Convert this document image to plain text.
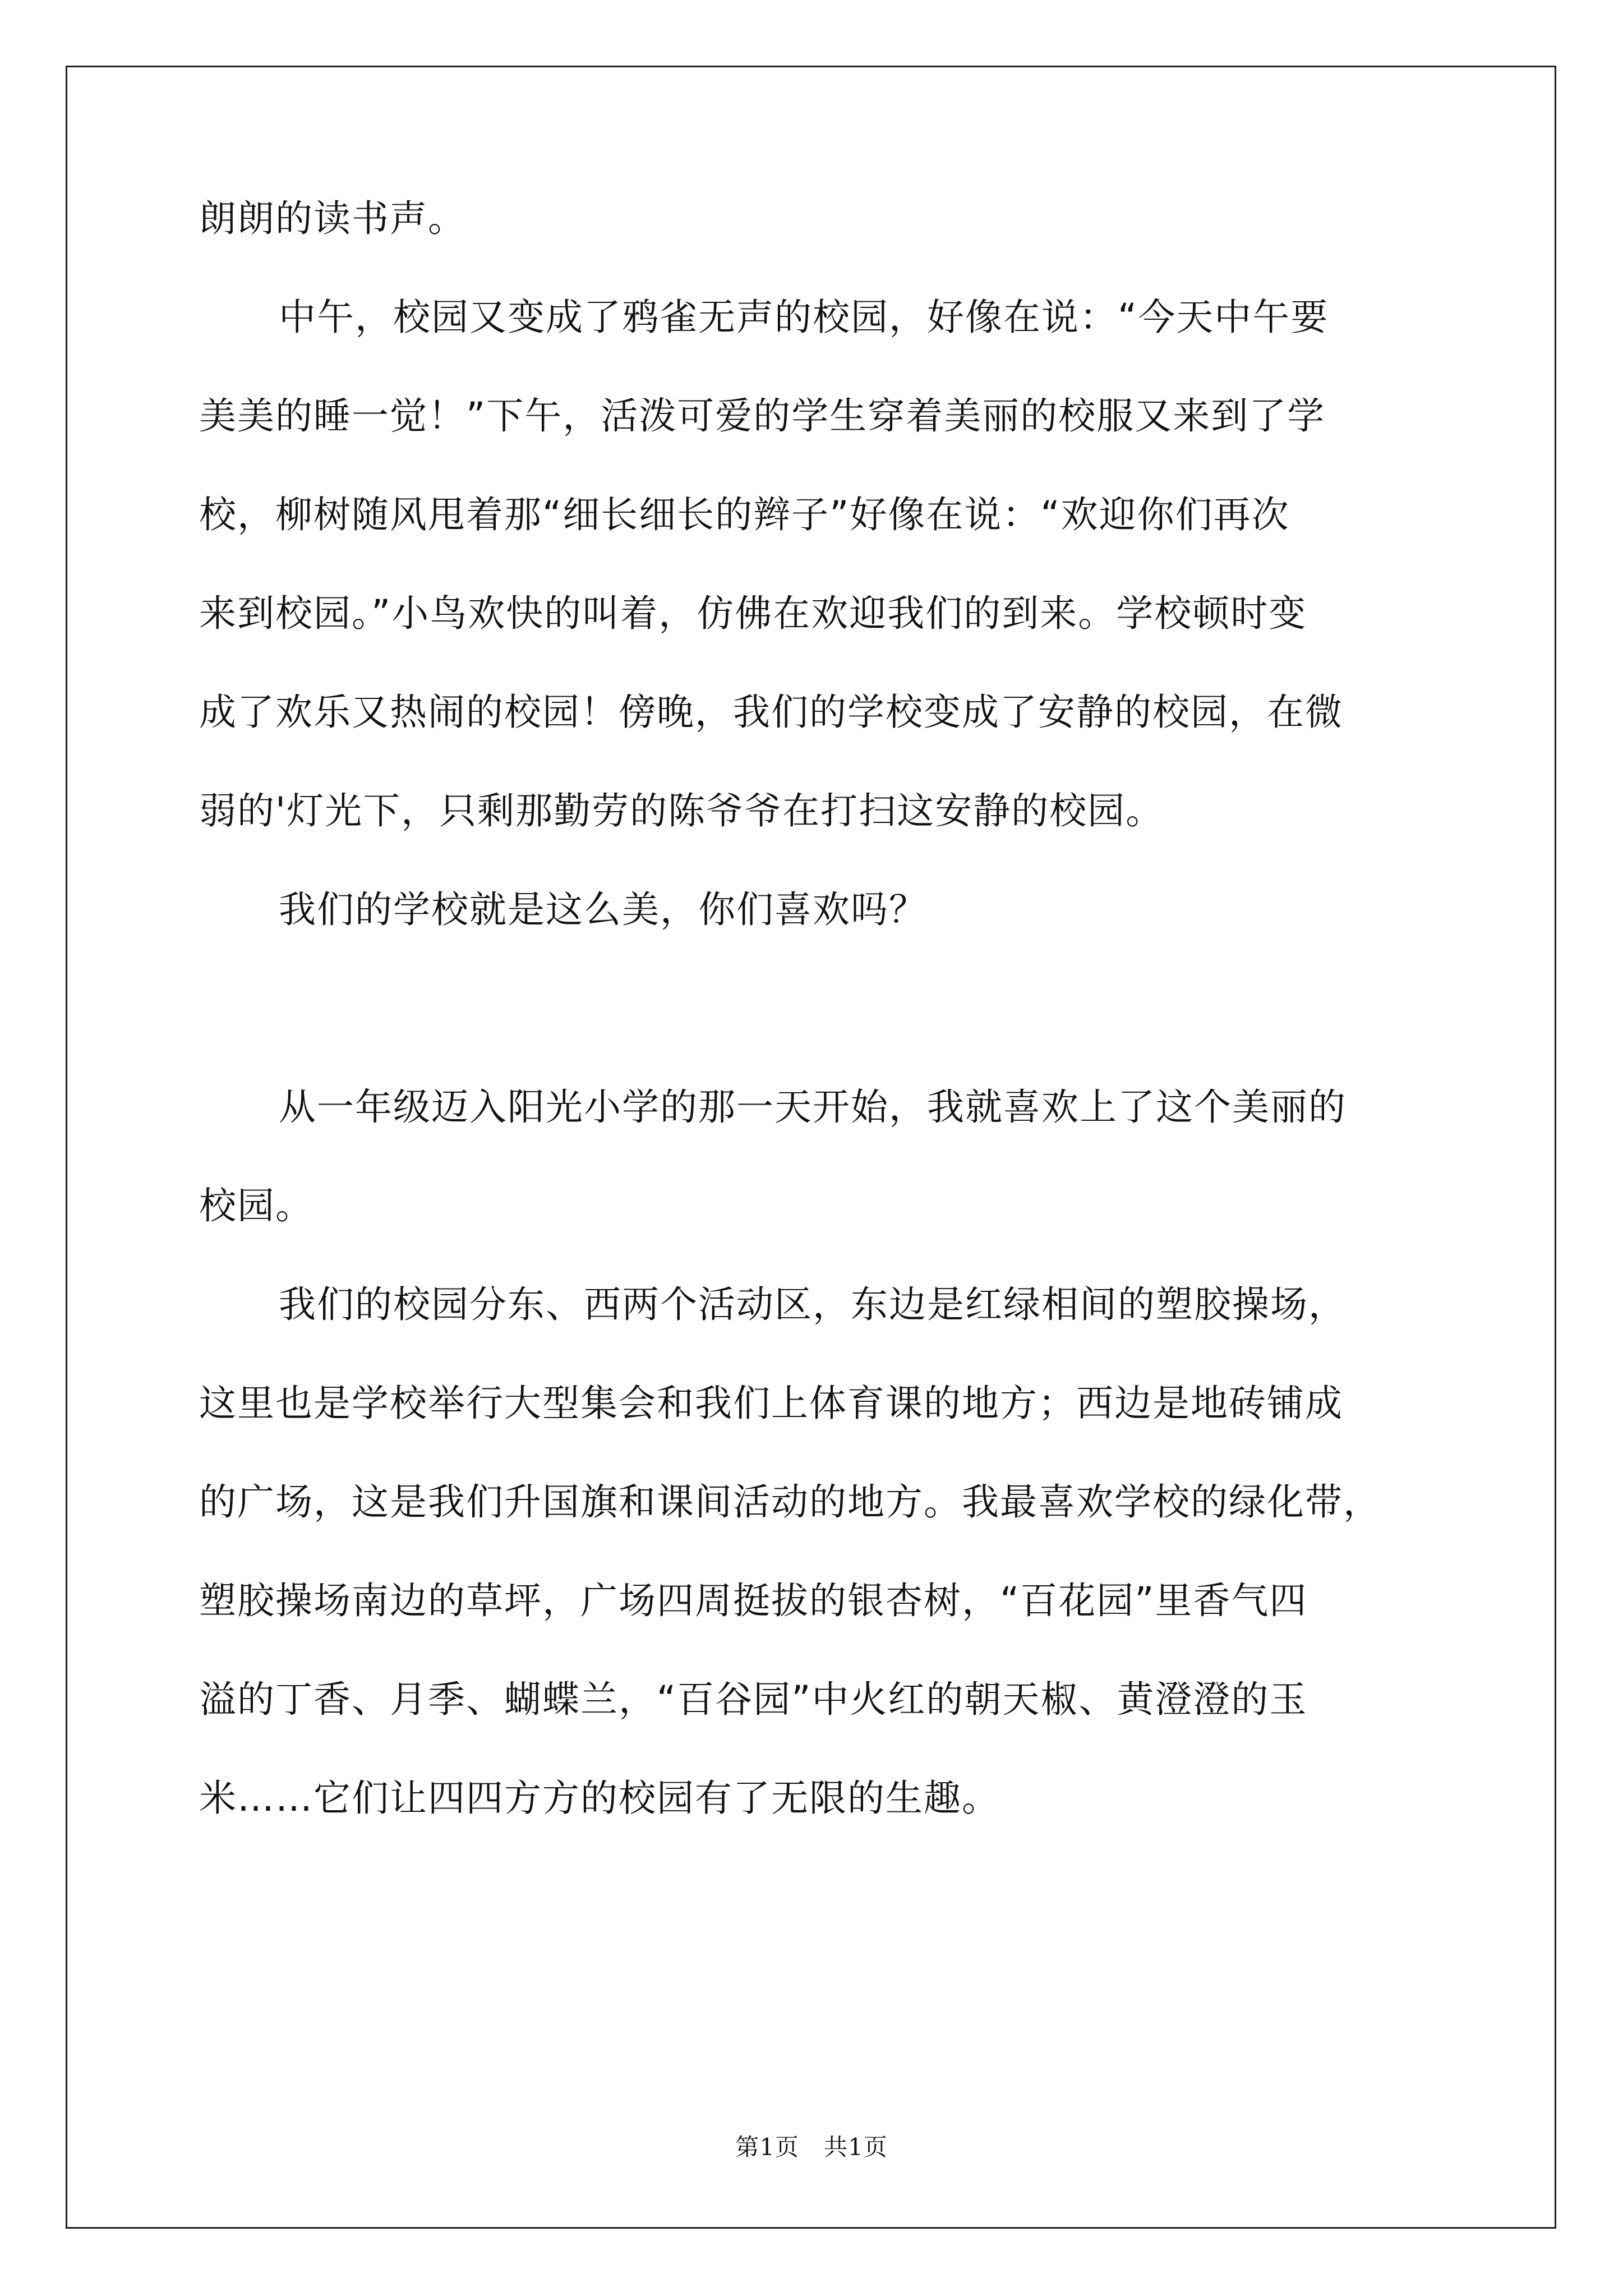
朗朗的读书声。

中午，校园又变成了鸦雀无声的校园，好像在说：“今天中午要

美美的睡一觉！”下午，活泼可爱的学生穿着美丽的校服又来到了学

校，柳树随风甩着那“细长细长的辫子”好像在说：“欢迎你们再次

来到校园。”小鸟欢快的叫着，仿佛在欢迎我们的到来。学校顿时变

成了欢乐又热闹的校园！傍晚，我们的学校变成了安静的校园，在微

弱的'灯光下，只剩那勤劳的陈爷爷在打扫这安静的校园。

我们的学校就是这么美，你们喜欢吗？

从一年级迈入阳光小学的那一天开始，我就喜欢上了这个美丽的

校园。

我们的校园分东、西两个活动区，东边是红绿相间的塑胶操场，

这里也是学校举行大型集会和我们上体育课的地方；西边是地砖铺成

的广场，这是我们升国旗和课间活动的地方。我最喜欢学校的绿化带，

塑胶操场南边的草坪，广场四周挺拔的银杏树，“百花园”里香气四

溢的丁香、月季、蝴蝶兰，“百谷园”中火红的朝天椒、黄澄澄的玉

米……它们让四四方方的校园有了无限的生趣。

第1页 共1页
